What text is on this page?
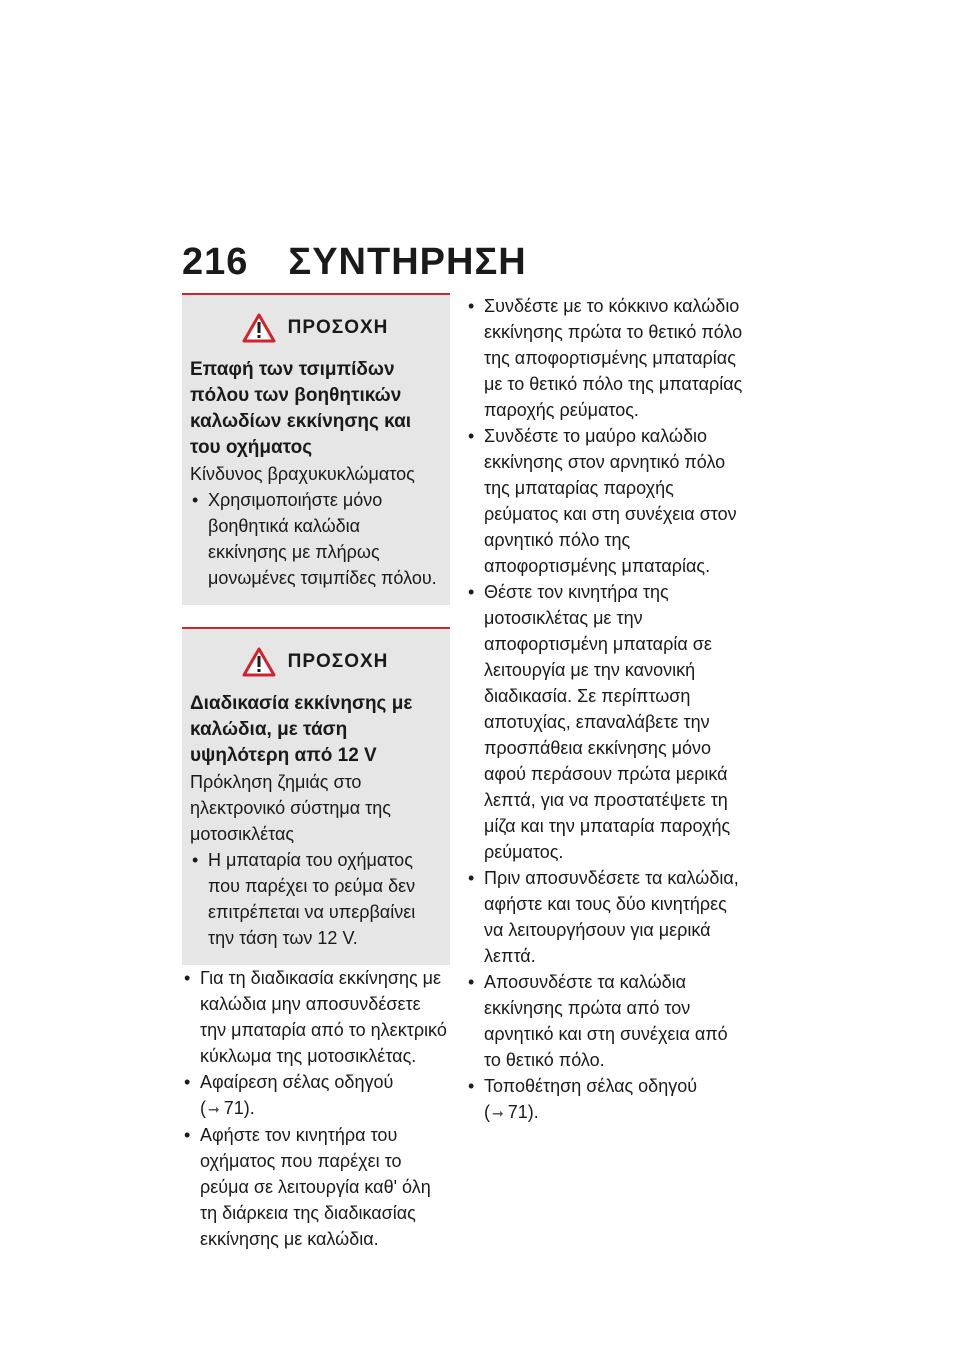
216 ΣΥΝΤΗΡΗΣΗ
ΠΡΟΣΟΧΗ

Επαφή των τσιμπίδων πόλου των βοηθητικών καλωδίων εκκίνησης και του οχήματος

Κίνδυνος βραχυκυκλώματος

• Χρησιμοποιήστε μόνο βοηθητικά καλώδια εκκίνησης με πλήρως μονωμένες τσιμπίδες πόλου.
ΠΡΟΣΟΧΗ

Διαδικασία εκκίνησης με καλώδια, με τάση υψηλότερη από 12 V

Πρόκληση ζημιάς στο ηλεκτρονικό σύστημα της μοτοσικλέτας

• Η μπαταρία του οχήματος που παρέχει το ρεύμα δεν επιτρέπεται να υπερβαίνει την τάση των 12 V.
• Για τη διαδικασία εκκίνησης με καλώδια μην αποσυνδέσετε την μπαταρία από το ηλεκτρικό κύκλωμα της μοτοσικλέτας.
• Αφαίρεση σέλας οδηγού
( ➞ 71).
• Αφήστε τον κινητήρα του οχήματος που παρέχει το ρεύμα σε λειτουργία καθ' όλη τη διάρκεια της διαδικασίας εκκίνησης με καλώδια.
• Συνδέστε με το κόκκινο καλώδιο εκκίνησης πρώτα το θετικό πόλο της αποφορτισμένης μπαταρίας με το θετικό πόλο της μπαταρίας παροχής ρεύματος.
• Συνδέστε το μαύρο καλώδιο εκκίνησης στον αρνητικό πόλο της μπαταρίας παροχής ρεύματος και στη συνέχεια στον αρνητικό πόλο της αποφορτισμένης μπαταρίας.
• Θέστε τον κινητήρα της μοτοσικλέτας με την αποφορτισμένη μπαταρία σε λειτουργία με την κανονική διαδικασία. Σε περίπτωση αποτυχίας, επαναλάβετε την προσπάθεια εκκίνησης μόνο αφού περάσουν πρώτα μερικά λεπτά, για να προστατέψετε τη μίζα και την μπαταρία παροχής ρεύματος.
• Πριν αποσυνδέσετε τα καλώδια, αφήστε και τους δύο κινητήρες να λειτουργήσουν για μερικά λεπτά.
• Αποσυνδέστε τα καλώδια εκκίνησης πρώτα από τον αρνητικό και στη συνέχεια από το θετικό πόλο.
• Τοποθέτηση σέλας οδηγού
( ➞ 71).
